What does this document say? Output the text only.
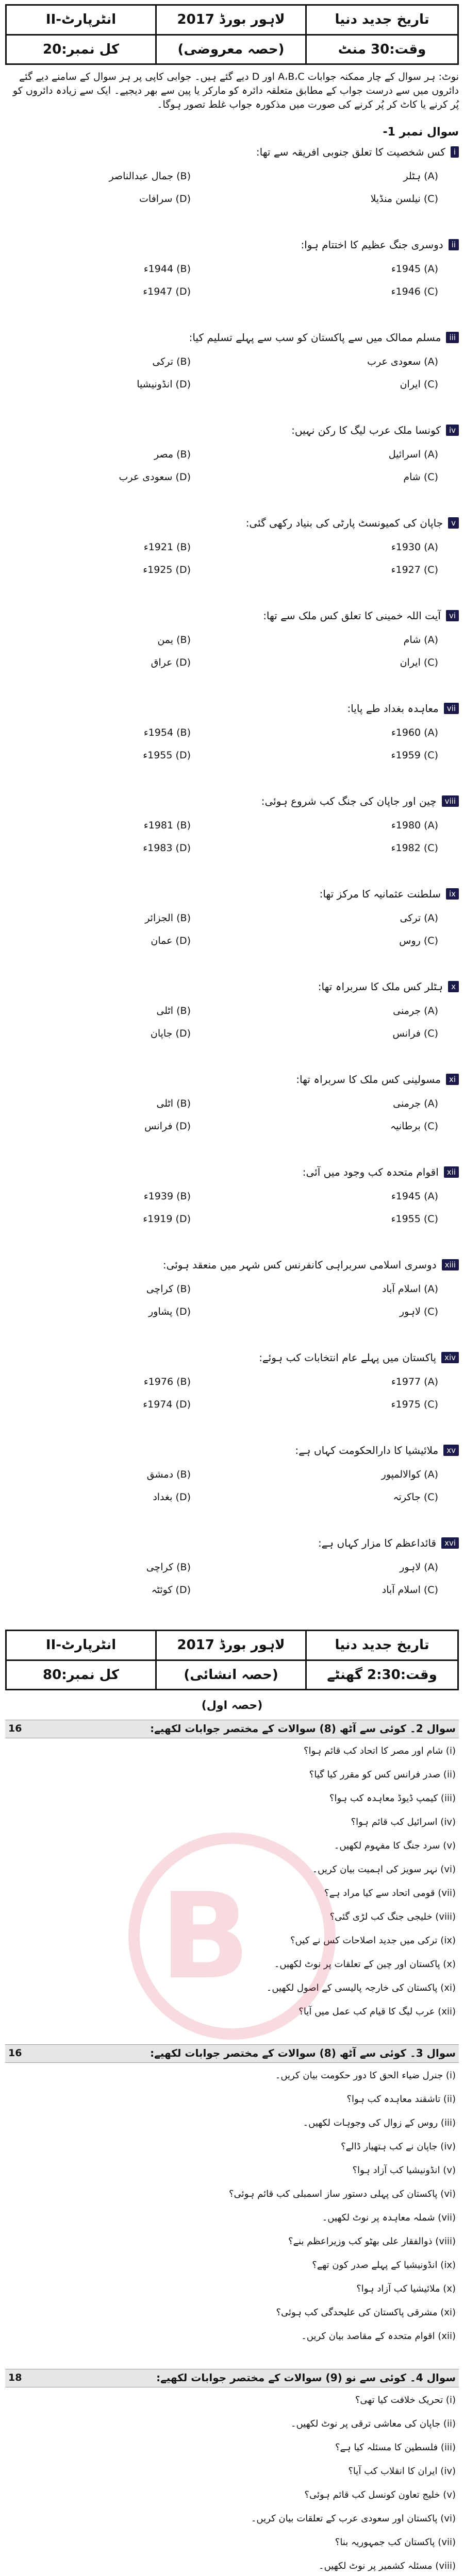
انٹرپارٹ-II
کل نمبر:20
لاہور بورڈ 2017
(حصہ معروضی)
تاریخ جدید دنیا
وقت:30 منٹ
نوٹ: ہر سوال کے چار ممکنہ جوابات A،B،C اور D دیے گئے ہیں۔ جوابی کاپی پر ہر سوال کے سامنے دیے گئے دائروں میں سے درست جواب کے مطابق متعلقہ دائرہ کو مارکر یا پین سے بھر دیجیے۔ ایک سے زیادہ دائروں کو پُر کرنے یا کاٹ کر پُر کرنے کی صورت میں مذکورہ جواب غلط تصور ہوگا۔
سوال نمبر 1-
i
کس شخصیت کا تعلق جنوبی افریقہ سے تھا:
(A) ہٹلر
(B) جمال عبدالناصر
(C) نیلسن منڈیلا
(D) سرافات
ii
دوسری جنگ عظیم کا اختتام ہوا:
(A) 1945ء
(B) 1944ء
(C) 1946ء
(D) 1947ء
iii
مسلم ممالک میں سے پاکستان کو سب سے پہلے تسلیم کیا:
(A) سعودی عرب
(B) ترکی
(C) ایران
(D) انڈونیشیا
iv
کونسا ملک عرب لیگ کا رکن نہیں:
(A) اسرائیل
(B) مصر
(C) شام
(D) سعودی عرب
v
جاپان کی کمیونسٹ پارٹی کی بنیاد رکھی گئی:
(A) 1930ء
(B) 1921ء
(C) 1927ء
(D) 1925ء
vi
آیت اللہ خمینی کا تعلق کس ملک سے تھا:
(A) شام
(B) یمن
(C) ایران
(D) عراق
vii
معاہدہ بغداد طے پایا:
(A) 1960ء
(B) 1954ء
(C) 1959ء
(D) 1955ء
viii
چین اور جاپان کی جنگ کب شروع ہوئی:
(A) 1980ء
(B) 1981ء
(C) 1982ء
(D) 1983ء
ix
سلطنت عثمانیہ کا مرکز تھا:
(A) ترکی
(B) الجزائر
(C) روس
(D) عمان
x
ہٹلر کس ملک کا سربراہ تھا:
(A) جرمنی
(B) اٹلی
(C) فرانس
(D) جاپان
xi
مسولینی کس ملک کا سربراہ تھا:
(A) جرمنی
(B) اٹلی
(C) برطانیہ
(D) فرانس
xii
اقوام متحدہ کب وجود میں آئی:
(A) 1945ء
(B) 1939ء
(C) 1955ء
(D) 1919ء
xiii
دوسری اسلامی سربراہی کانفرنس کس شہر میں منعقد ہوئی:
(A) اسلام آباد
(B) کراچی
(C) لاہور
(D) پشاور
xiv
پاکستان میں پہلے عام انتخابات کب ہوئے:
(A) 1977ء
(B) 1976ء
(C) 1975ء
(D) 1974ء
xv
ملائیشیا کا دارالحکومت کہاں ہے:
(A) کوالالمپور
(B) دمشق
(C) جاکرتہ
(D) بغداد
xvi
قائداعظم کا مزار کہاں ہے:
(A) لاہور
(B) کراچی
(C) اسلام آباد
(D) کوئٹہ
انٹرپارٹ-II
کل نمبر:80
لاہور بورڈ 2017
(حصہ انشائی)
تاریخ جدید دنیا
وقت:2:30 گھنٹے
(حصہ اول)
سوال 2۔ کوئی سے آٹھ (8) سوالات کے مختصر جوابات لکھیے:
16
(i) شام اور مصر کا اتحاد کب قائم ہوا؟
(ii) صدر فرانس کس کو مقرر کیا گیا؟
(iii) کیمپ ڈیوڈ معاہدہ کب ہوا؟
(iv) اسرائیل کب قائم ہوا؟
(v) سرد جنگ کا مفہوم لکھیں۔
(vi) نہر سویز کی اہمیت بیان کریں۔
(vii) قومی اتحاد سے کیا مراد ہے؟
(viii) خلیجی جنگ کب لڑی گئی؟
(ix) ترکی میں جدید اصلاحات کس نے کیں؟
(x) پاکستان اور چین کے تعلقات پر نوٹ لکھیں۔
(xi) پاکستان کی خارجہ پالیسی کے اصول لکھیں۔
(xii) عرب لیگ کا قیام کب عمل میں آیا؟
سوال 3۔ کوئی سے آٹھ (8) سوالات کے مختصر جوابات لکھیے:
16
(i) جنرل ضیاء الحق کا دور حکومت بیان کریں۔
(ii) تاشقند معاہدہ کب ہوا؟
(iii) روس کے زوال کی وجوہات لکھیں۔
(iv) جاپان نے کب ہتھیار ڈالے؟
(v) انڈونیشیا کب آزاد ہوا؟
(vi) پاکستان کی پہلی دستور ساز اسمبلی کب قائم ہوئی؟
(vii) شملہ معاہدہ پر نوٹ لکھیں۔
(viii) ذوالفقار علی بھٹو کب وزیراعظم بنے؟
(ix) انڈونیشیا کے پہلے صدر کون تھے؟
(x) ملائیشیا کب آزاد ہوا؟
(xi) مشرقی پاکستان کی علیحدگی کب ہوئی؟
(xii) اقوام متحدہ کے مقاصد بیان کریں۔
سوال 4۔ کوئی سے نو (9) سوالات کے مختصر جوابات لکھیے:
18
(i) تحریک خلافت کیا تھی؟
(ii) جاپان کی معاشی ترقی پر نوٹ لکھیں۔
(iii) فلسطین کا مسئلہ کیا ہے؟
(iv) ایران کا انقلاب کب آیا؟
(v) خلیج تعاون کونسل کب قائم ہوئی؟
(vi) پاکستان اور سعودی عرب کے تعلقات بیان کریں۔
(vii) پاکستان کب جمہوریہ بنا؟
(viii) مسئلہ کشمیر پر نوٹ لکھیں۔
B
